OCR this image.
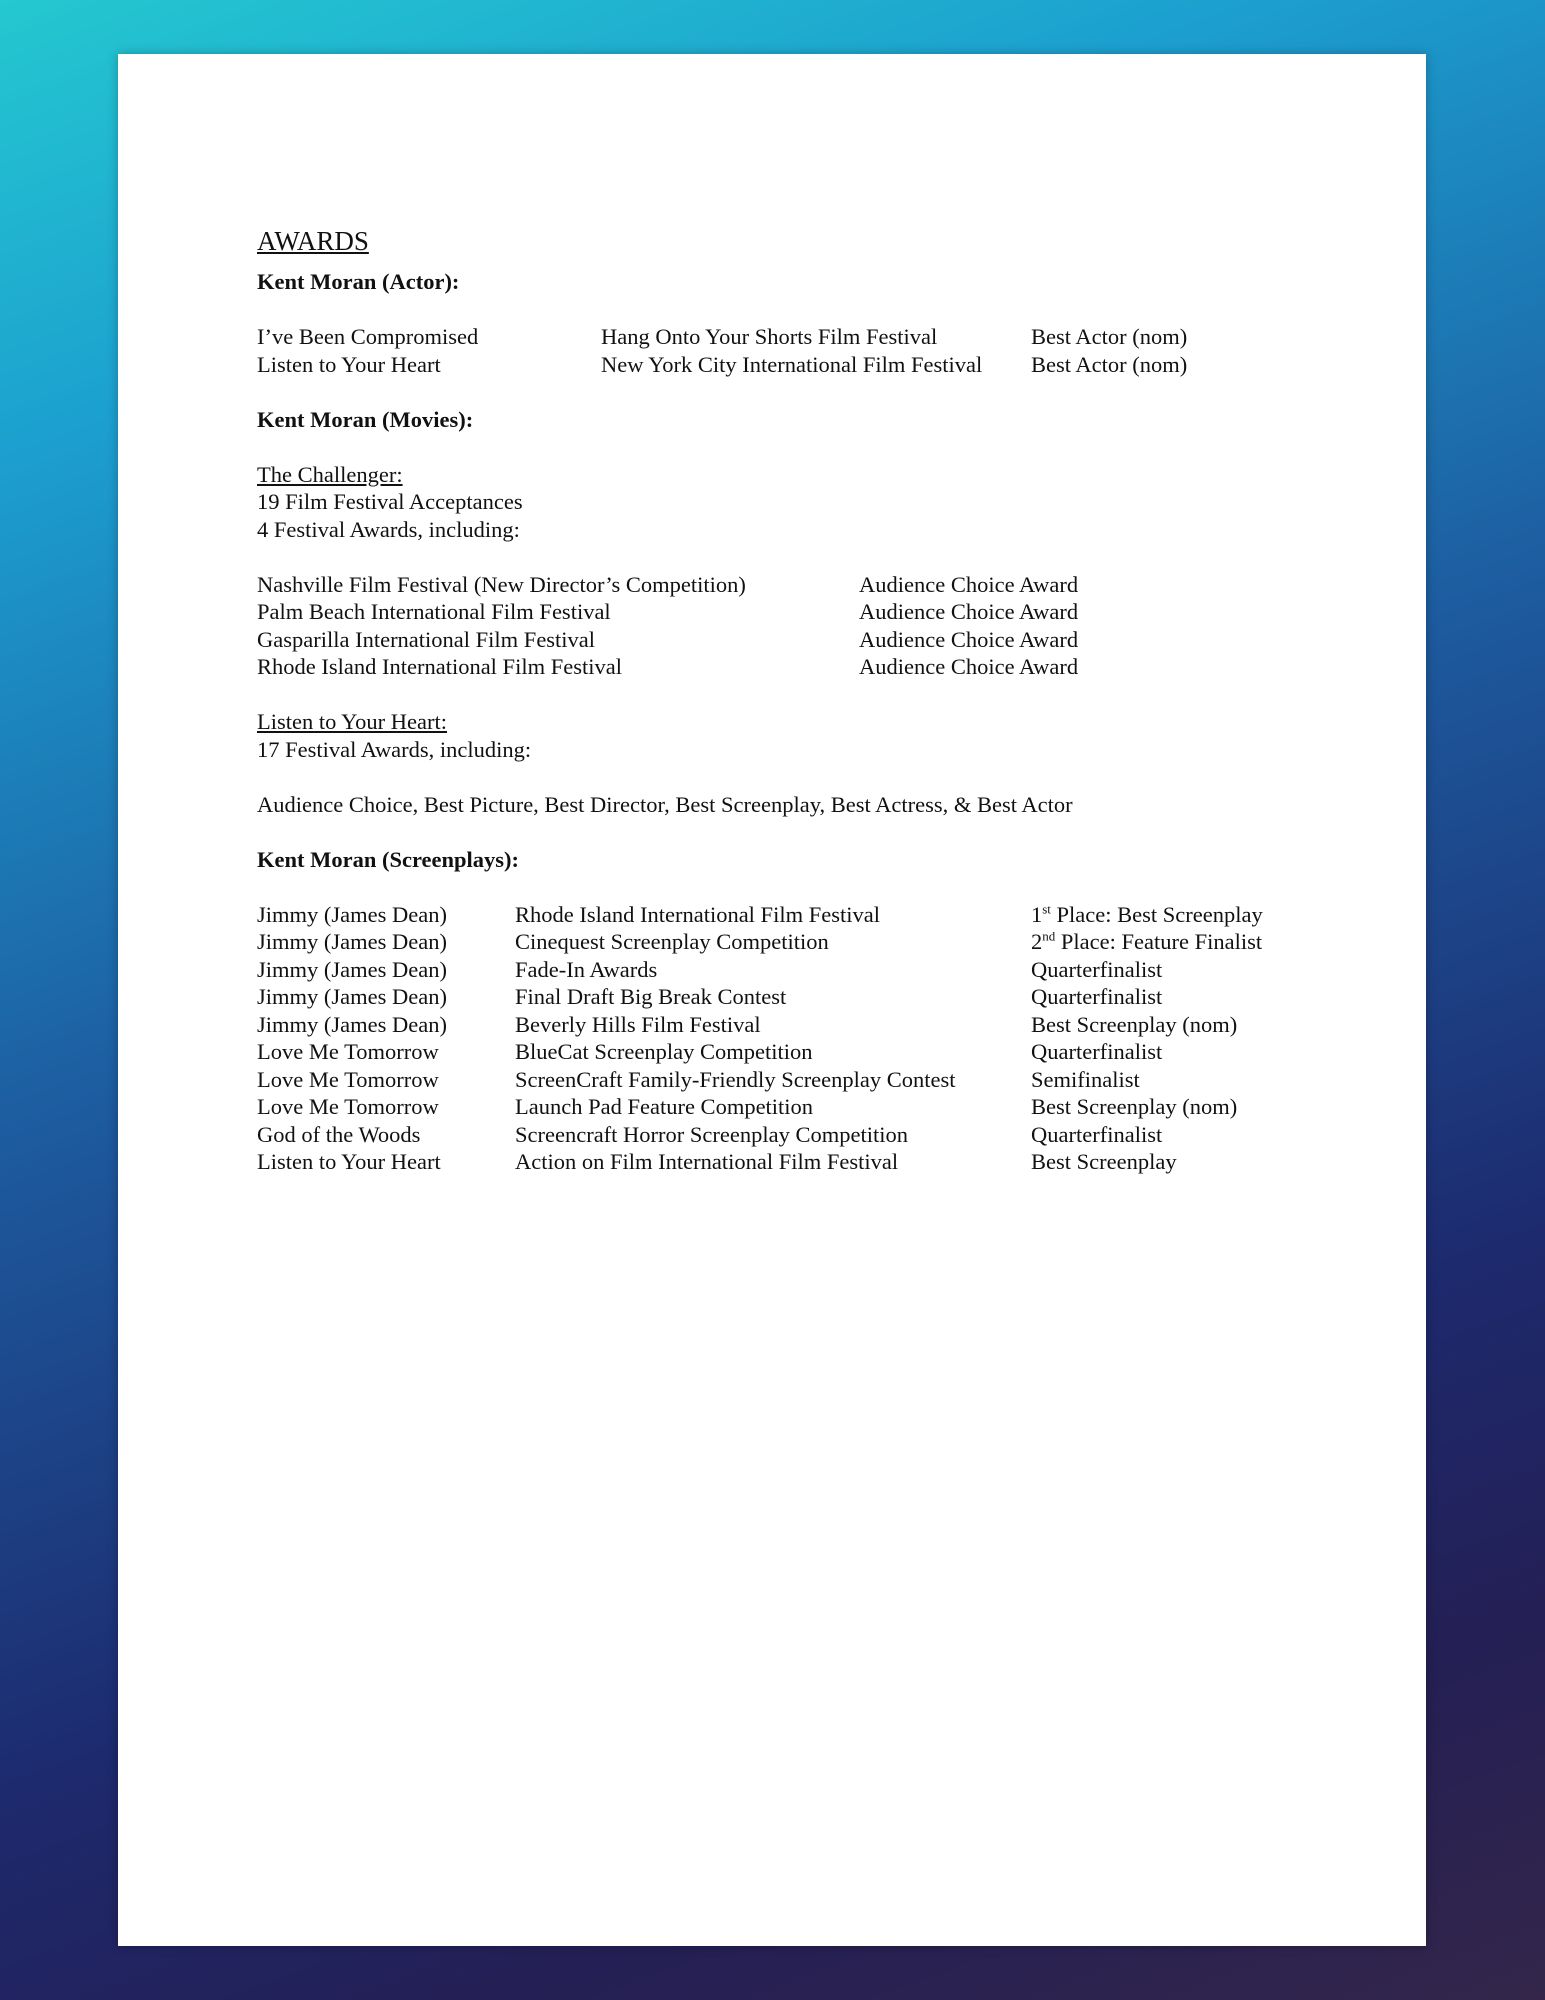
AWARDS
Kent Moran (Actor):
I’ve Been Compromised	Hang Onto Your Shorts Film Festival	Best Actor (nom)
Listen to Your Heart	New York City International Film Festival	Best Actor (nom)
Kent Moran (Movies):
The Challenger:
19 Film Festival Acceptances
4 Festival Awards, including:
Nashville Film Festival (New Director’s Competition)	Audience Choice Award
Palm Beach International Film Festival	Audience Choice Award
Gasparilla International Film Festival	Audience Choice Award
Rhode Island International Film Festival	Audience Choice Award
Listen to Your Heart:
17 Festival Awards, including:
Audience Choice, Best Picture, Best Director, Best Screenplay, Best Actress, & Best Actor
Kent Moran (Screenplays):
Jimmy (James Dean)	Rhode Island International Film Festival	1st Place: Best Screenplay
Jimmy (James Dean)	Cinequest Screenplay Competition	2nd Place: Feature Finalist
Jimmy (James Dean)	Fade-In Awards	Quarterfinalist
Jimmy (James Dean)	Final Draft Big Break Contest	Quarterfinalist
Jimmy (James Dean)	Beverly Hills Film Festival	Best Screenplay (nom)
Love Me Tomorrow	BlueCat Screenplay Competition	Quarterfinalist
Love Me Tomorrow	ScreenCraft Family-Friendly Screenplay Contest	Semifinalist
Love Me Tomorrow	Launch Pad Feature Competition	Best Screenplay (nom)
God of the Woods	Screencraft Horror Screenplay Competition	Quarterfinalist
Listen to Your Heart	Action on Film International Film Festival	Best Screenplay
